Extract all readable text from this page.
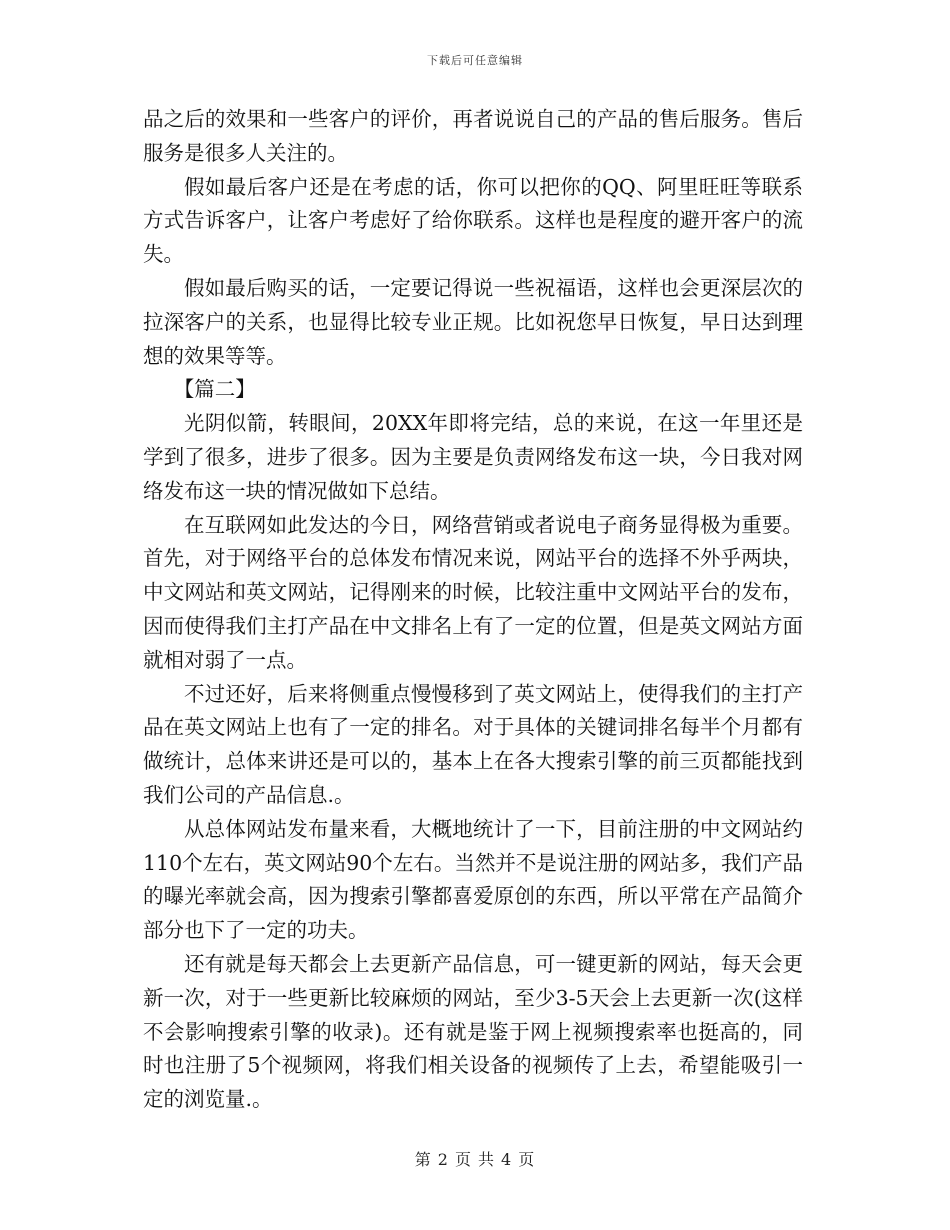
下载后可任意编辑

品之后的效果和一些客户的评价，再者说说自己的产品的售后服务。售后服务是很多人关注的。

假如最后客户还是在考虑的话，你可以把你的QQ、阿里旺旺等联系方式告诉客户，让客户考虑好了给你联系。这样也是程度的避开客户的流失。

假如最后购买的话，一定要记得说一些祝福语，这样也会更深层次的拉深客户的关系，也显得比较专业正规。比如祝您早日恢复，早日达到理想的效果等等。

【篇二】

光阴似箭，转眼间，20XX年即将完结，总的来说，在这一年里还是学到了很多，进步了很多。因为主要是负责网络发布这一块，今日我对网络发布这一块的情况做如下总结。

在互联网如此发达的今日，网络营销或者说电子商务显得极为重要。首先，对于网络平台的总体发布情况来说，网站平台的选择不外乎两块，中文网站和英文网站，记得刚来的时候，比较注重中文网站平台的发布，因而使得我们主打产品在中文排名上有了一定的位置，但是英文网站方面就相对弱了一点。

不过还好，后来将侧重点慢慢移到了英文网站上，使得我们的主打产品在英文网站上也有了一定的排名。对于具体的关键词排名每半个月都有做统计，总体来讲还是可以的，基本上在各大搜索引擎的前三页都能找到我们公司的产品信息.。

从总体网站发布量来看，大概地统计了一下，目前注册的中文网站约110个左右，英文网站90个左右。当然并不是说注册的网站多，我们产品的曝光率就会高，因为搜索引擎都喜爱原创的东西，所以平常在产品简介部分也下了一定的功夫。

还有就是每天都会上去更新产品信息，可一键更新的网站，每天会更新一次，对于一些更新比较麻烦的网站，至少3-5天会上去更新一次(这样不会影响搜索引擎的收录)。还有就是鉴于网上视频搜索率也挺高的，同时也注册了5个视频网，将我们相关设备的视频传了上去，希望能吸引一定的浏览量.。

第 2 页 共 4 页
